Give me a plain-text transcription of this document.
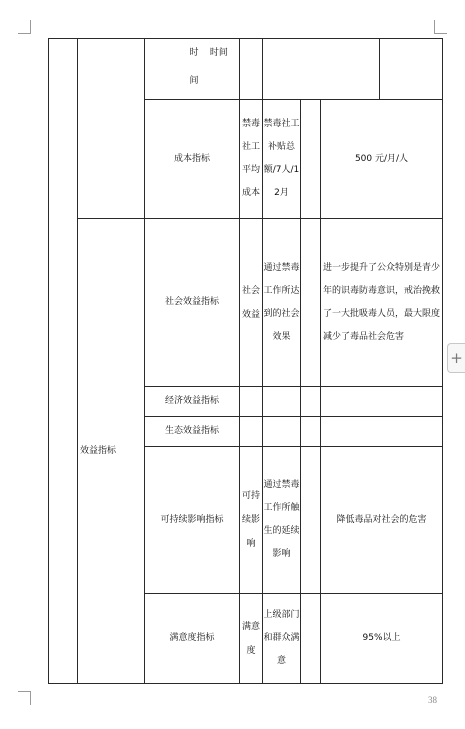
		时间 时间					
		成本指标	禁毒社工平均成本	禁毒社工补贴总额/7人/12月		500 元/月/人	
	效益指标	社会效益指标	社会效益	通过禁毒工作所达到的社会效果		进一步提升了公众特别是青少年的识毒防毒意识，戒治挽救了一大批吸毒人员，最大限度减少了毒品社会危害	
		经济效益指标					
		生态效益指标					
		可持续影响指标	可持续影响	通过禁毒工作所触生的延续影响		降低毒品对社会的危害	
		满意度指标	满意度	上级部门和群众满意		95%以上	
38
+
